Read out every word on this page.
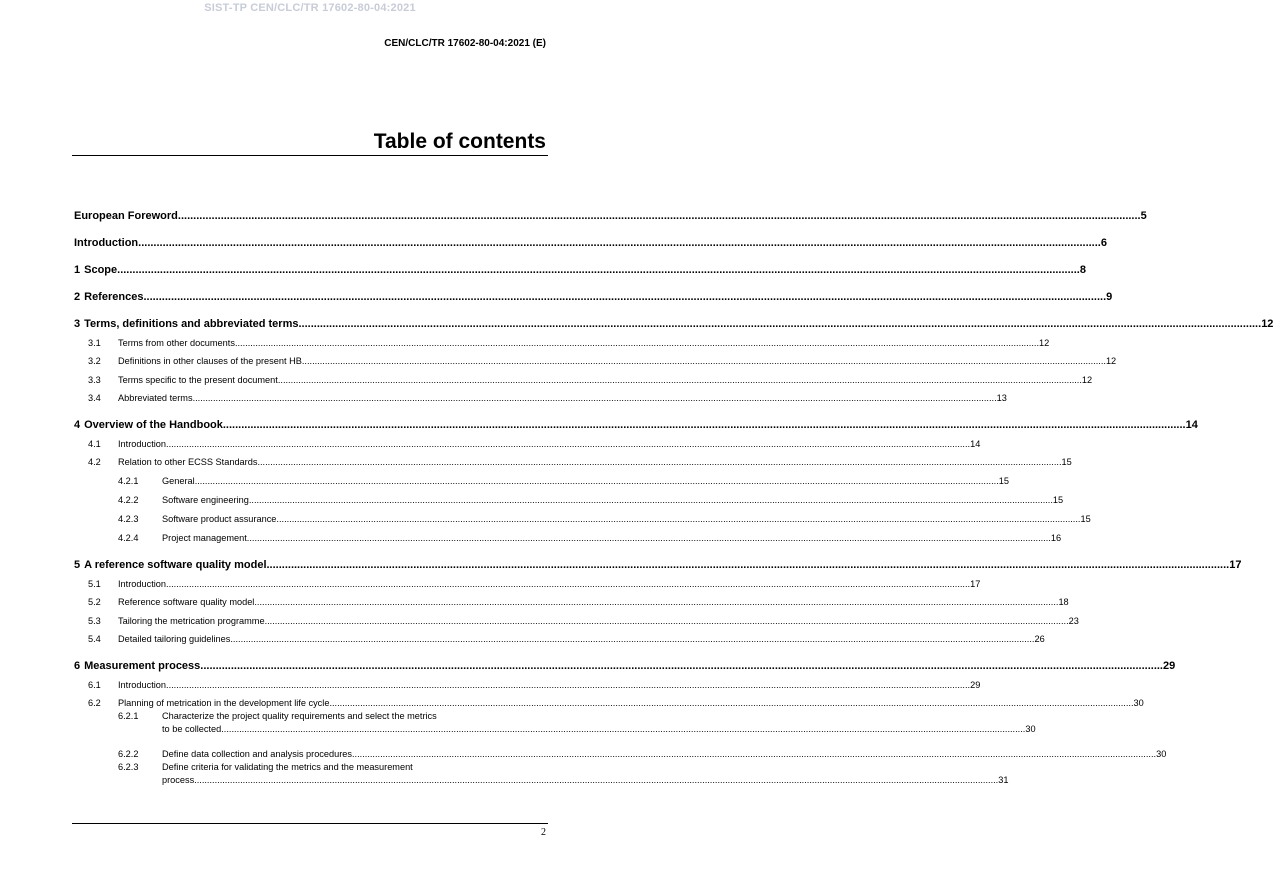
SIST-TP CEN/CLC/TR 17602-80-04:2021
CEN/CLC/TR 17602-80-04:2021 (E)
Table of contents
European Foreword .....	5
Introduction .....	6
1 Scope .....	8
2 References .....	9
3 Terms, definitions and abbreviated terms .....	12
3.1	Terms from other documents .....	12
3.2	Definitions in other clauses of the present HB .....	12
3.3	Terms specific to the present document .....	12
3.4	Abbreviated terms .....	13
4 Overview of the Handbook .....	14
4.1	Introduction .....	14
4.2	Relation to other ECSS Standards .....	15
4.2.1	General .....	15
4.2.2	Software engineering .....	15
4.2.3	Software product assurance .....	15
4.2.4	Project management .....	16
5 A reference software quality model .....	17
5.1	Introduction .....	17
5.2	Reference software quality model .....	18
5.3	Tailoring the metrication programme .....	23
5.4	Detailed tailoring guidelines .....	26
6 Measurement process .....	29
6.1	Introduction .....	29
6.2	Planning of metrication in the development life cycle .....	30
6.2.1	Characterize the project quality requirements and select the metrics
to be collected .....	30
6.2.2	Define data collection and analysis procedures .....	30
6.2.3	Define criteria for validating the metrics and the measurement
process .....	31
2
